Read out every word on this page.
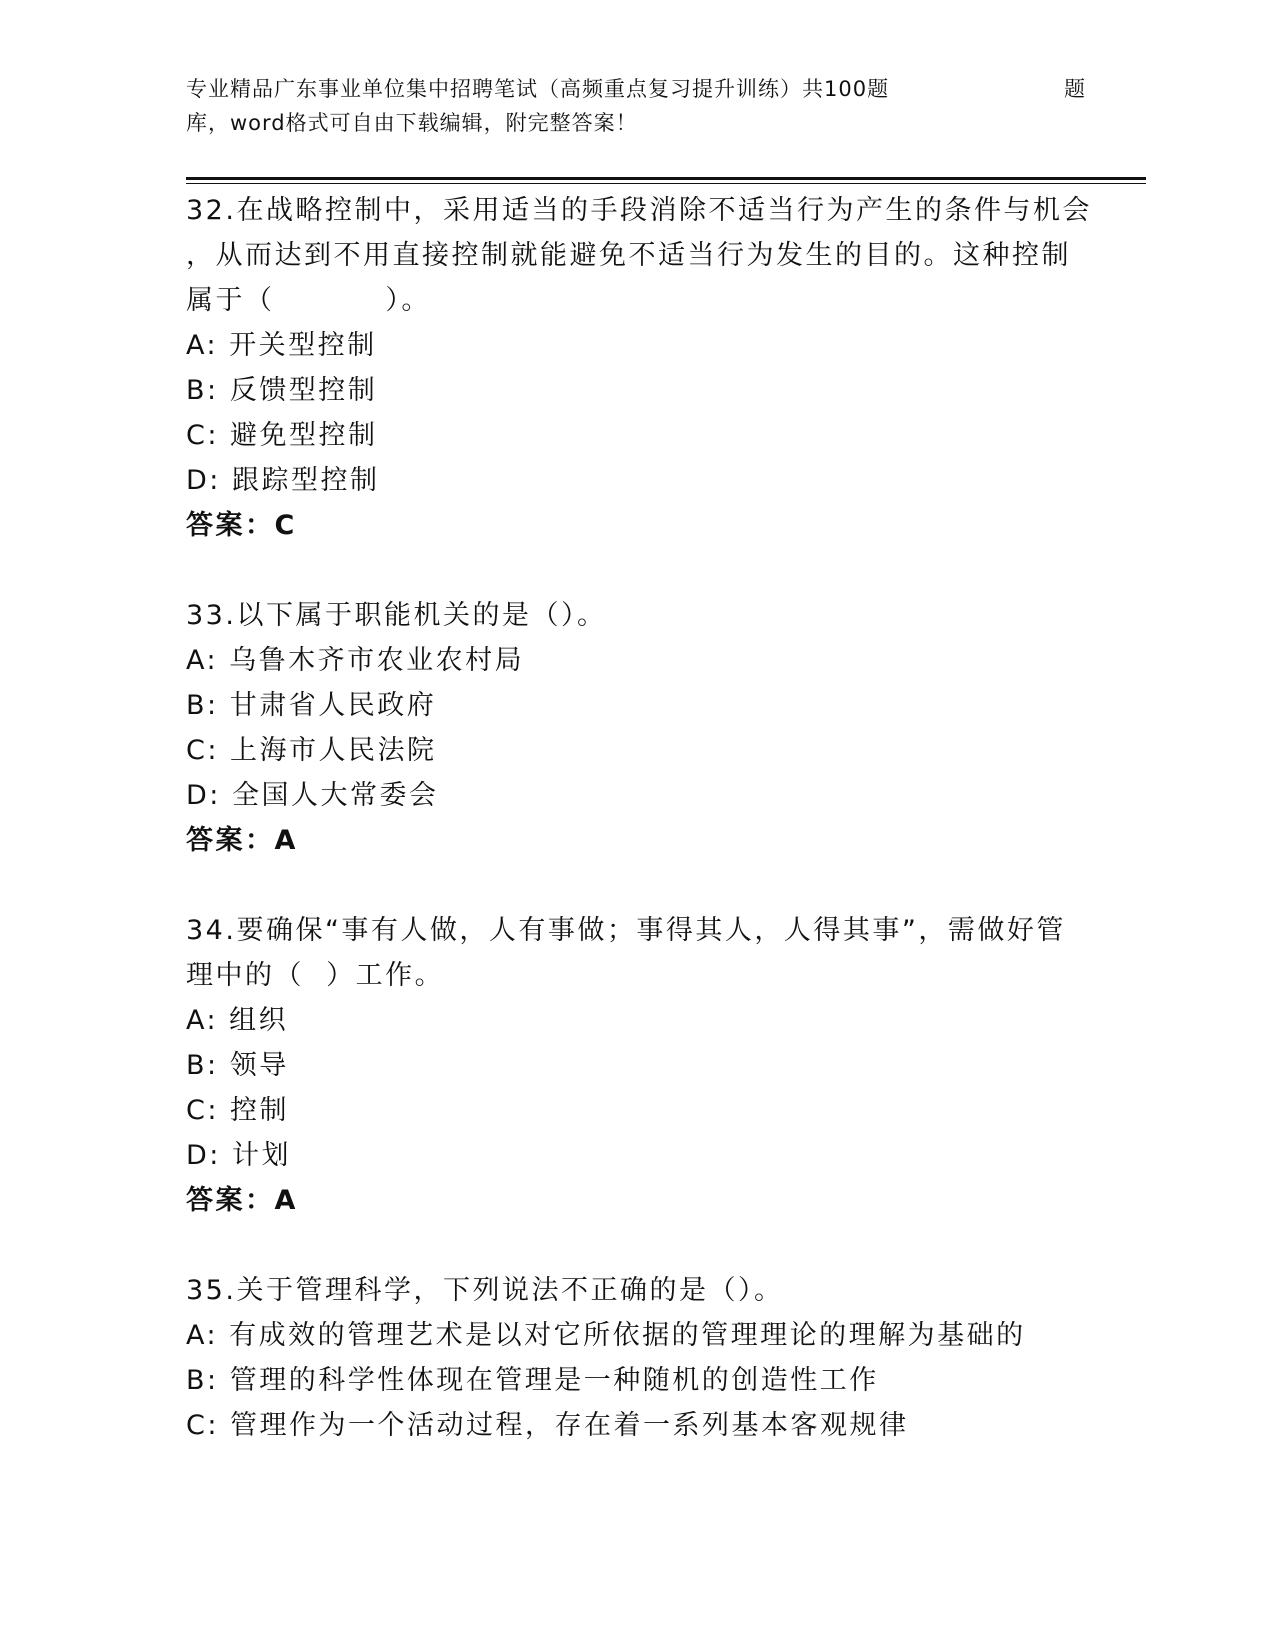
专业精品广东事业单位集中招聘笔试（高频重点复习提升训练）共100题	题
库，word格式可自由下载编辑，附完整答案！
32.在战略控制中，采用适当的手段消除不适当行为产生的条件与机会
，从而达到不用直接控制就能避免不适当行为发生的目的。这种控制
属于（          ）。
A: 开关型控制
B: 反馈型控制
C: 避免型控制
D: 跟踪型控制
答案：C
33.以下属于职能机关的是（）。
A: 乌鲁木齐市农业农村局
B: 甘肃省人民政府
C: 上海市人民法院
D: 全国人大常委会
答案：A
34.要确保“事有人做，人有事做；事得其人，人得其事”，需做好管
理中的（  ）工作。
A: 组织
B: 领导
C: 控制
D: 计划
答案：A
35.关于管理科学，下列说法不正确的是（）。
A: 有成效的管理艺术是以对它所依据的管理理论的理解为基础的
B: 管理的科学性体现在管理是一种随机的创造性工作
C: 管理作为一个活动过程，存在着一系列基本客观规律
